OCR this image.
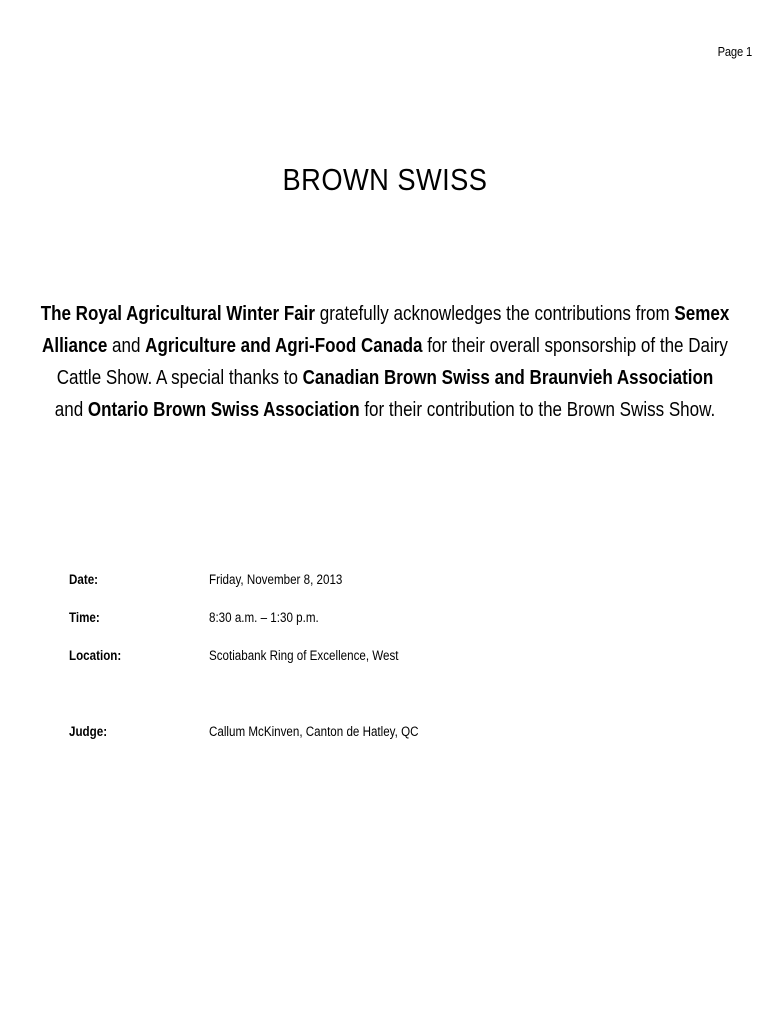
Page 1
BROWN SWISS
The Royal Agricultural Winter Fair gratefully acknowledges the contributions from Semex Alliance and Agriculture and Agri-Food Canada for their overall sponsorship of the Dairy Cattle Show. A special thanks to Canadian Brown Swiss and Braunvieh Association and Ontario Brown Swiss Association for their contribution to the Brown Swiss Show.
Date:	Friday, November 8, 2013
Time:	8:30 a.m. – 1:30 p.m.
Location:	Scotiabank Ring of Excellence, West
Judge:	Callum McKinven, Canton de Hatley, QC
